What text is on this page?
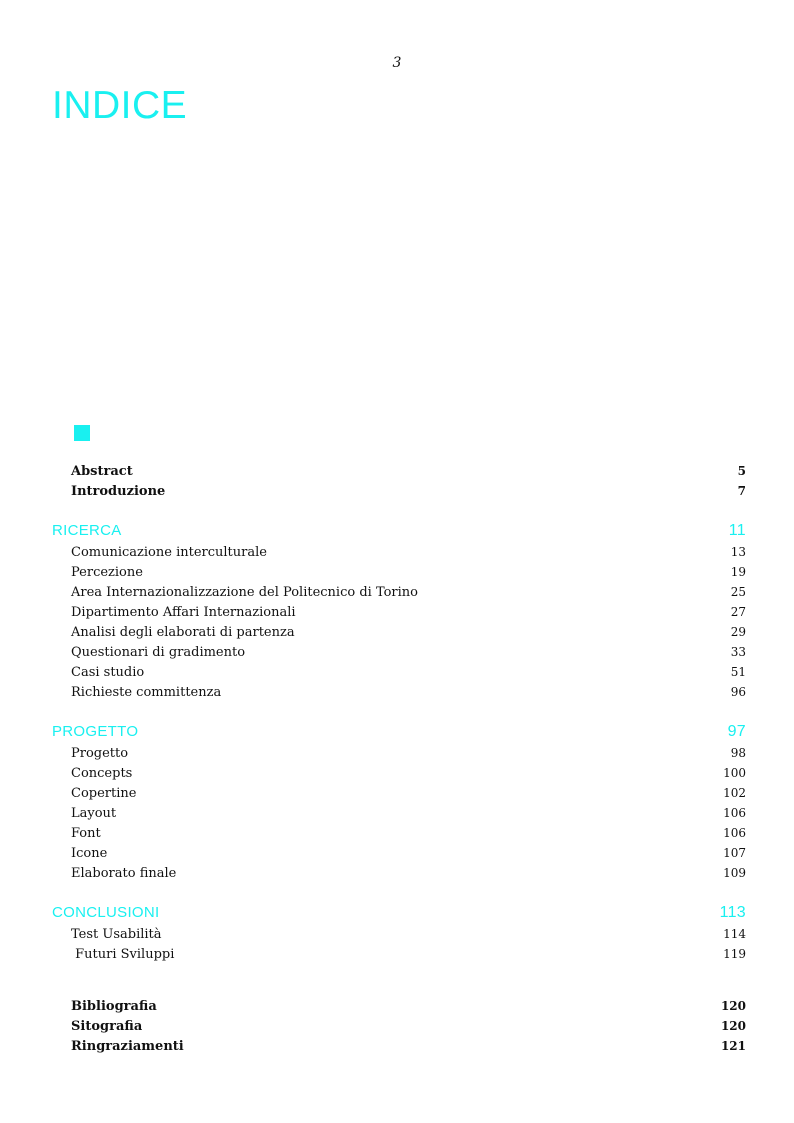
3
INDICE
Abstract	5
Introduzione	7
RICERCA	11
Comunicazione interculturale	13
Percezione	19
Area Internazionalizzazione del Politecnico di Torino	25
Dipartimento Affari Internazionali	27
Analisi degli elaborati di partenza	29
Questionari di gradimento	33
Casi studio	51
Richieste committenza	96
PROGETTO	97
Progetto	98
Concepts	100
Copertine	102
Layout	106
Font	106
Icone	107
Elaborato finale	109
CONCLUSIONI	113
Test Usabilità	114
Futuri Sviluppi	119
Bibliografia	120
Sitografia	120
Ringraziamenti	121
